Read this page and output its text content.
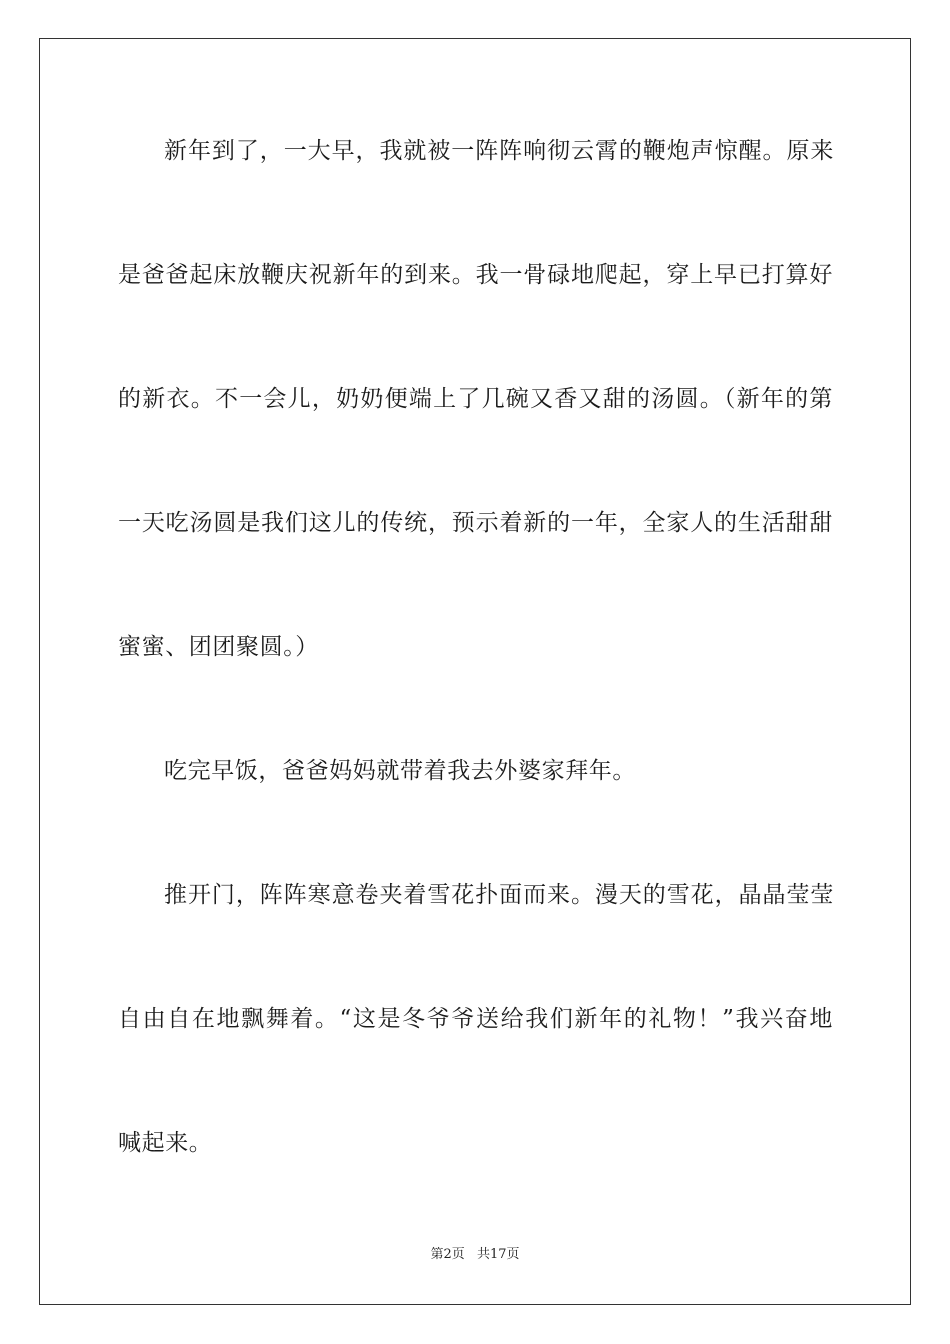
新年到了，一大早，我就被一阵阵响彻云霄的鞭炮声惊醒。原来
是爸爸起床放鞭庆祝新年的到来。我一骨碌地爬起，穿上早已打算好
的新衣。不一会儿，奶奶便端上了几碗又香又甜的汤圆。（新年的第
一天吃汤圆是我们这儿的传统，预示着新的一年，全家人的生活甜甜
蜜蜜、团团聚圆。）
吃完早饭，爸爸妈妈就带着我去外婆家拜年。
推开门，阵阵寒意卷夹着雪花扑面而来。漫天的雪花，晶晶莹莹
自由自在地飘舞着。“这是冬爷爷送给我们新年的礼物！”我兴奋地
喊起来。
第2页 共17页
